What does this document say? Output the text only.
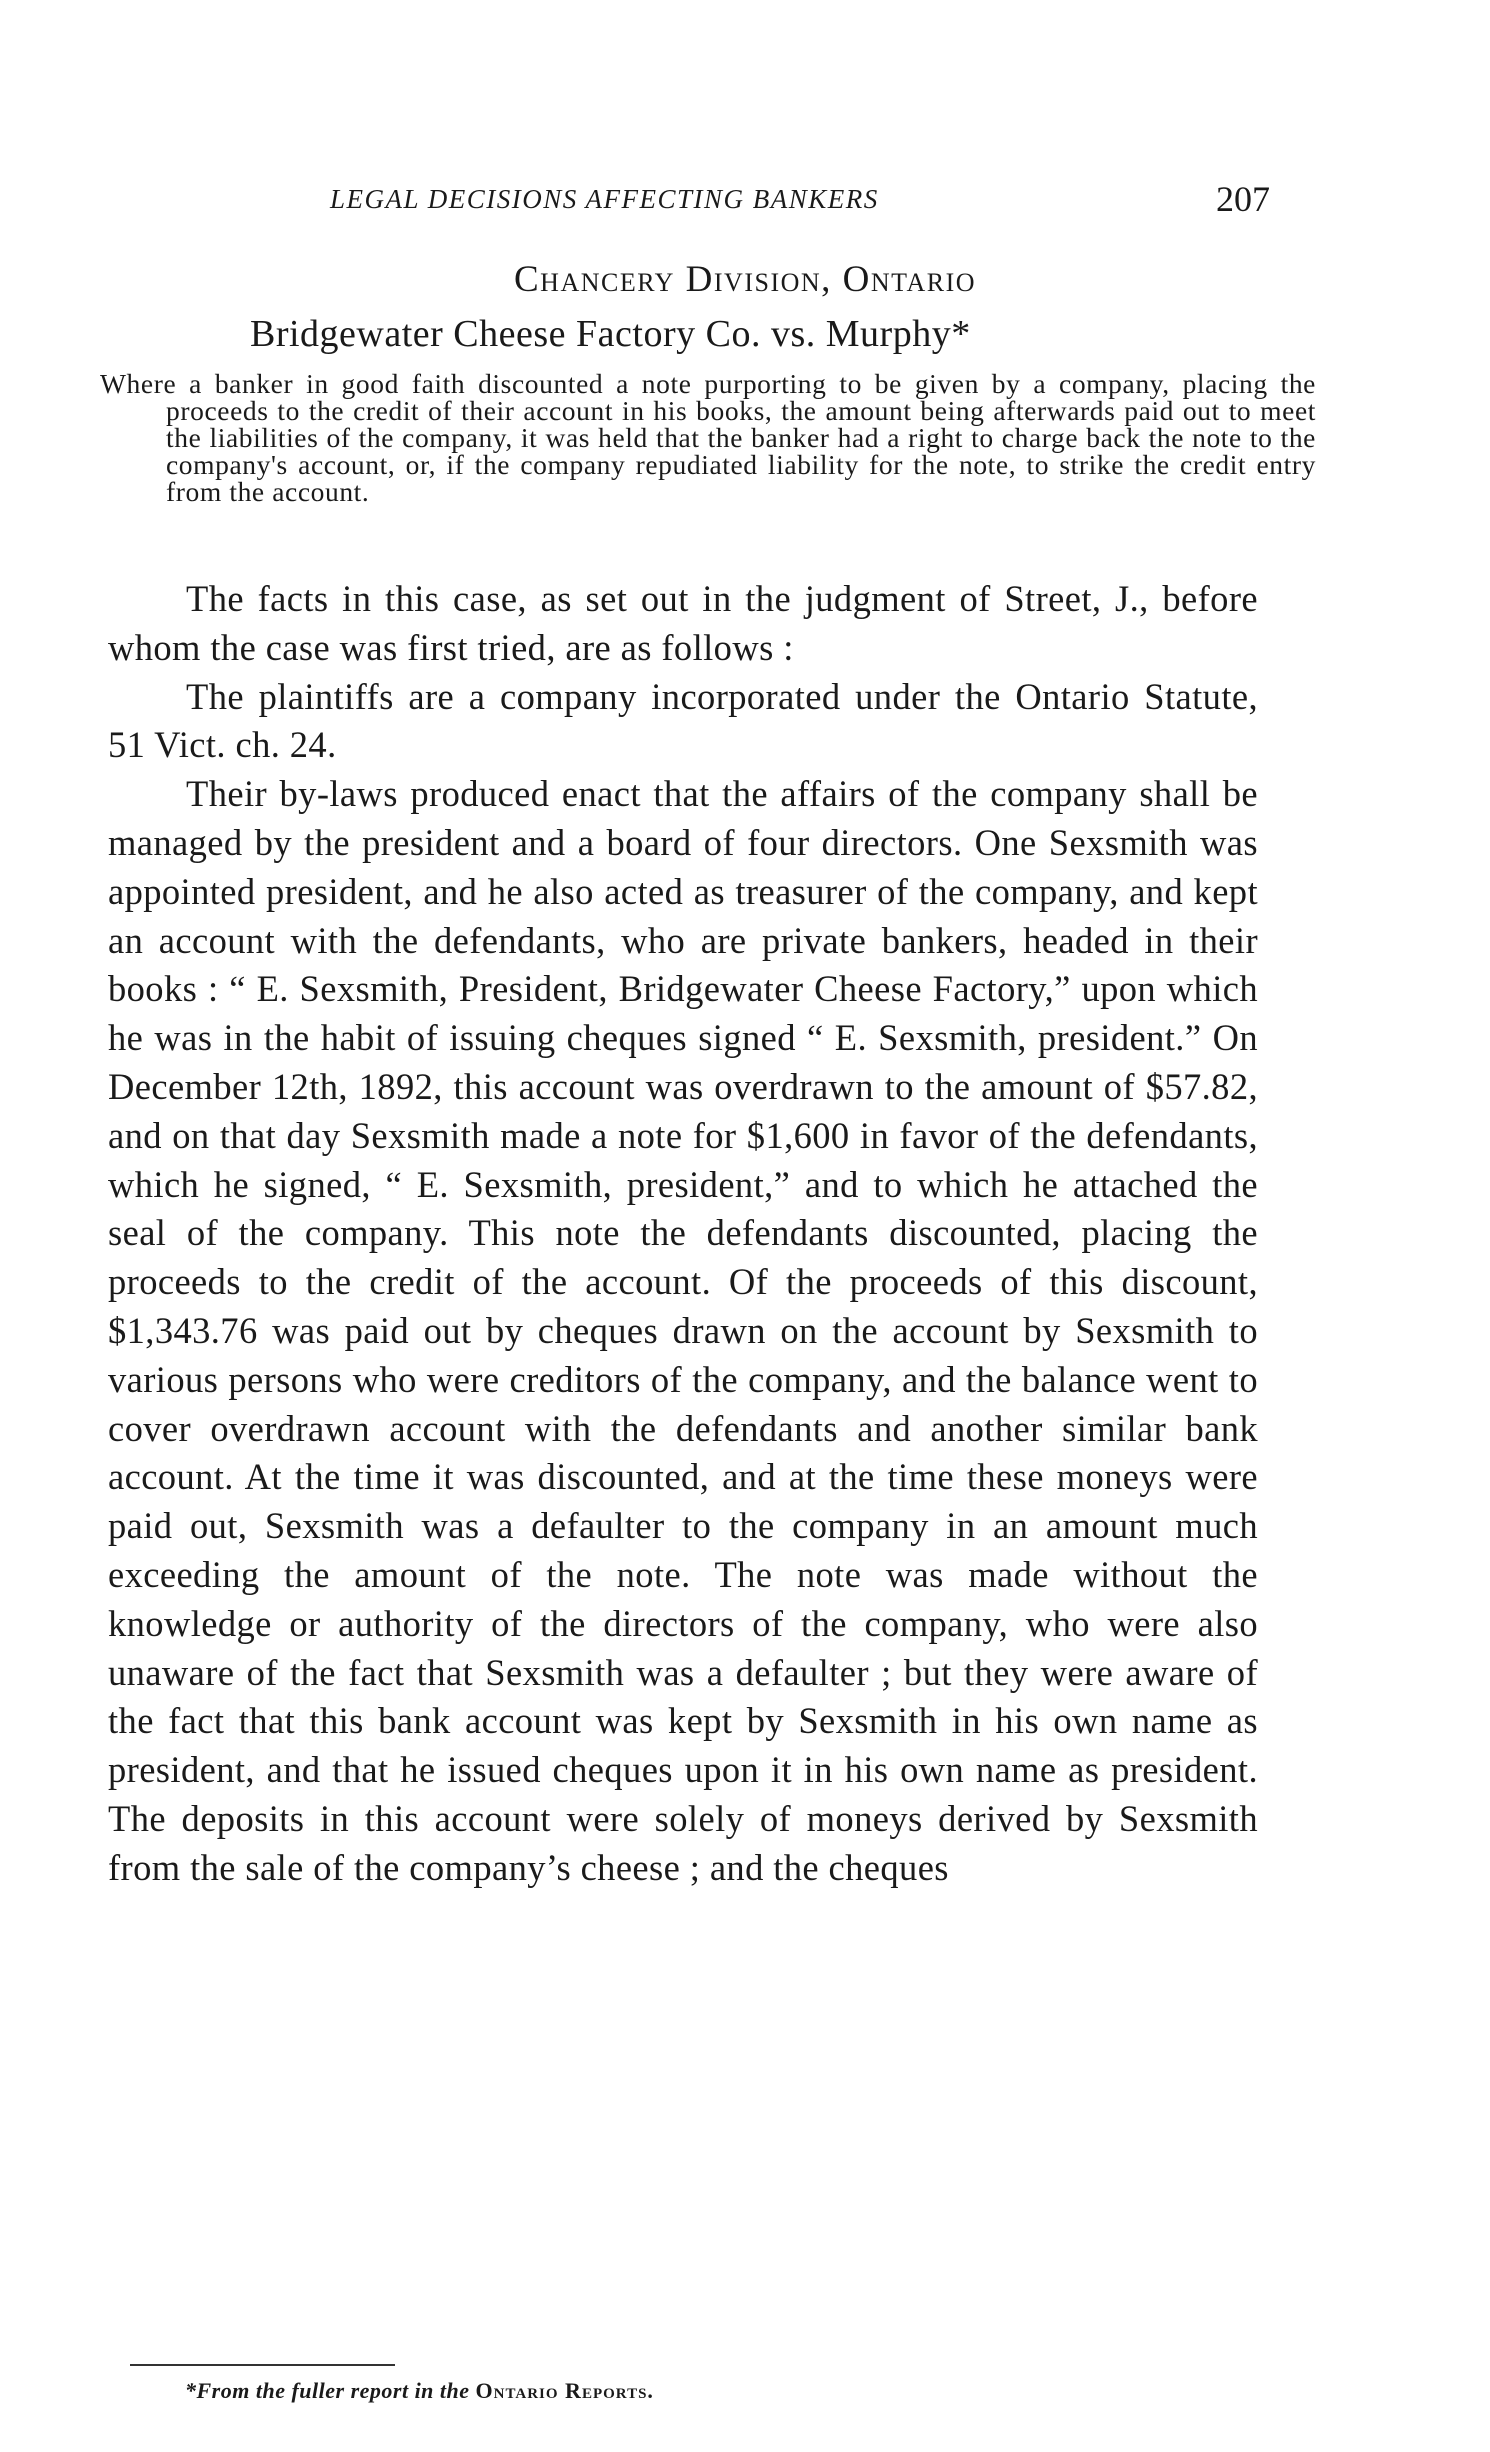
LEGAL DECISIONS AFFECTING BANKERS	207
Chancery Division, Ontario
Bridgewater Cheese Factory Co. vs. Murphy*
Where a banker in good faith discounted a note purporting to be given by a company, placing the proceeds to the credit of their account in his books, the amount being afterwards paid out to meet the liabilities of the company, it was held that the banker had a right to charge back the note to the company's account, or, if the company repudiated liability for the note, to strike the credit entry from the account.

The facts in this case, as set out in the judgment of Street, J., before whom the case was first tried, are as follows :

The plaintiffs are a company incorporated under the Ontario Statute, 51 Vict. ch. 24.

Their by-laws produced enact that the affairs of the company shall be managed by the president and a board of four directors. One Sexsmith was appointed president, and he also acted as treasurer of the company, and kept an account with the defendants, who are private bankers, headed in their books : “ E. Sexsmith, President, Bridgewater Cheese Factory,” upon which he was in the habit of issuing cheques signed “ E. Sexsmith, president.” On December 12th, 1892, this account was overdrawn to the amount of $57.82, and on that day Sexsmith made a note for $1,600 in favor of the defendants, which he signed, “ E. Sexsmith, president,” and to which he attached the seal of the company. This note the defendants discounted, placing the proceeds to the credit of the account. Of the proceeds of this discount, $1,343.76 was paid out by cheques drawn on the account by Sexsmith to various persons who were creditors of the company, and the balance went to cover overdrawn account with the defendants and another similar bank account. At the time it was discounted, and at the time these moneys were paid out, Sexsmith was a defaulter to the company in an amount much exceeding the amount of the note. The note was made without the knowledge or authority of the directors of the company, who were also unaware of the fact that Sexsmith was a defaulter ; but they were aware of the fact that this bank account was kept by Sexsmith in his own name as president, and that he issued cheques upon it in his own name as president. The deposits in this account were solely of moneys derived by Sexsmith from the sale of the company’s cheese ; and the cheques

*From the fuller report in the Ontario Reports.
